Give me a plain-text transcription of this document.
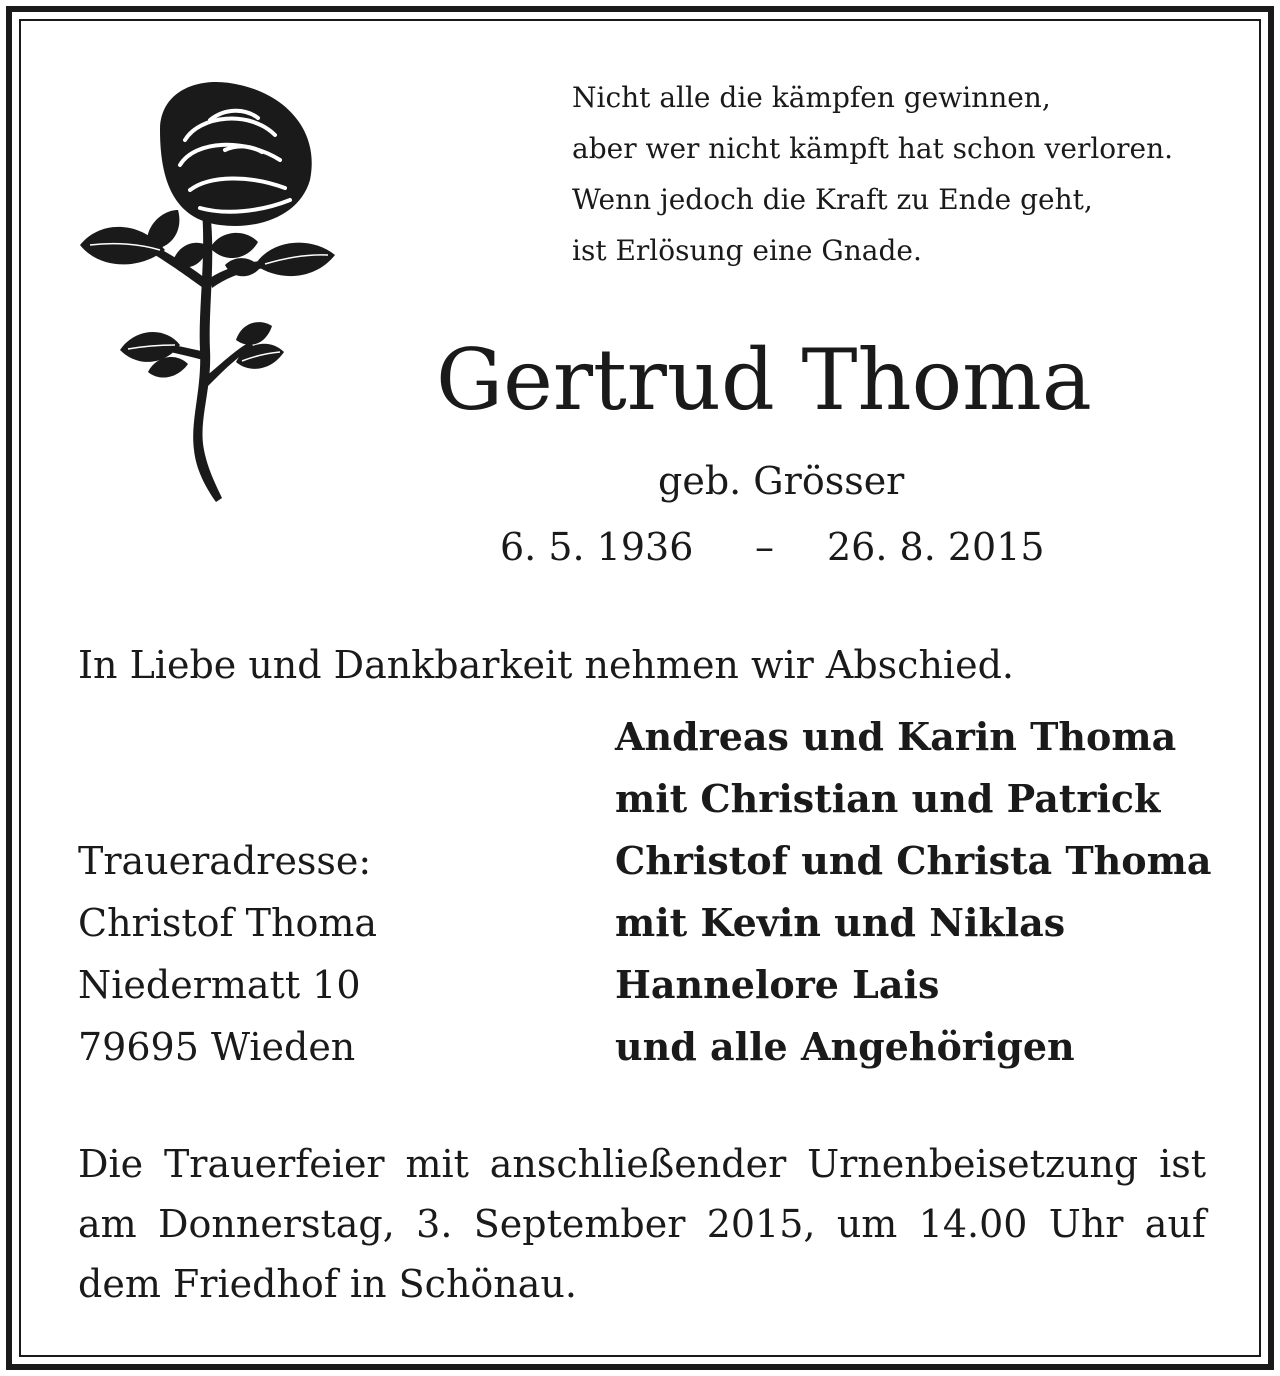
Nicht alle die kämpfen gewinnen,
aber wer nicht kämpft hat schon verloren.
Wenn jedoch die Kraft zu Ende geht,
ist Erlösung eine Gnade.
Gertrud Thoma
geb. Grösser
6. 5. 1936 – 26. 8. 2015
In Liebe und Dankbarkeit nehmen wir Abschied.
Andreas und Karin Thoma
mit Christian und Patrick
Christof und Christa Thoma
mit Kevin und Niklas
Hannelore Lais
und alle Angehörigen
Traueradresse:
Christof Thoma
Niedermatt 10
79695 Wieden
Die Trauerfeier mit anschließender Urnenbeisetzung ist
am Donnerstag, 3. September 2015, um 14.00 Uhr auf
dem Friedhof in Schönau.
